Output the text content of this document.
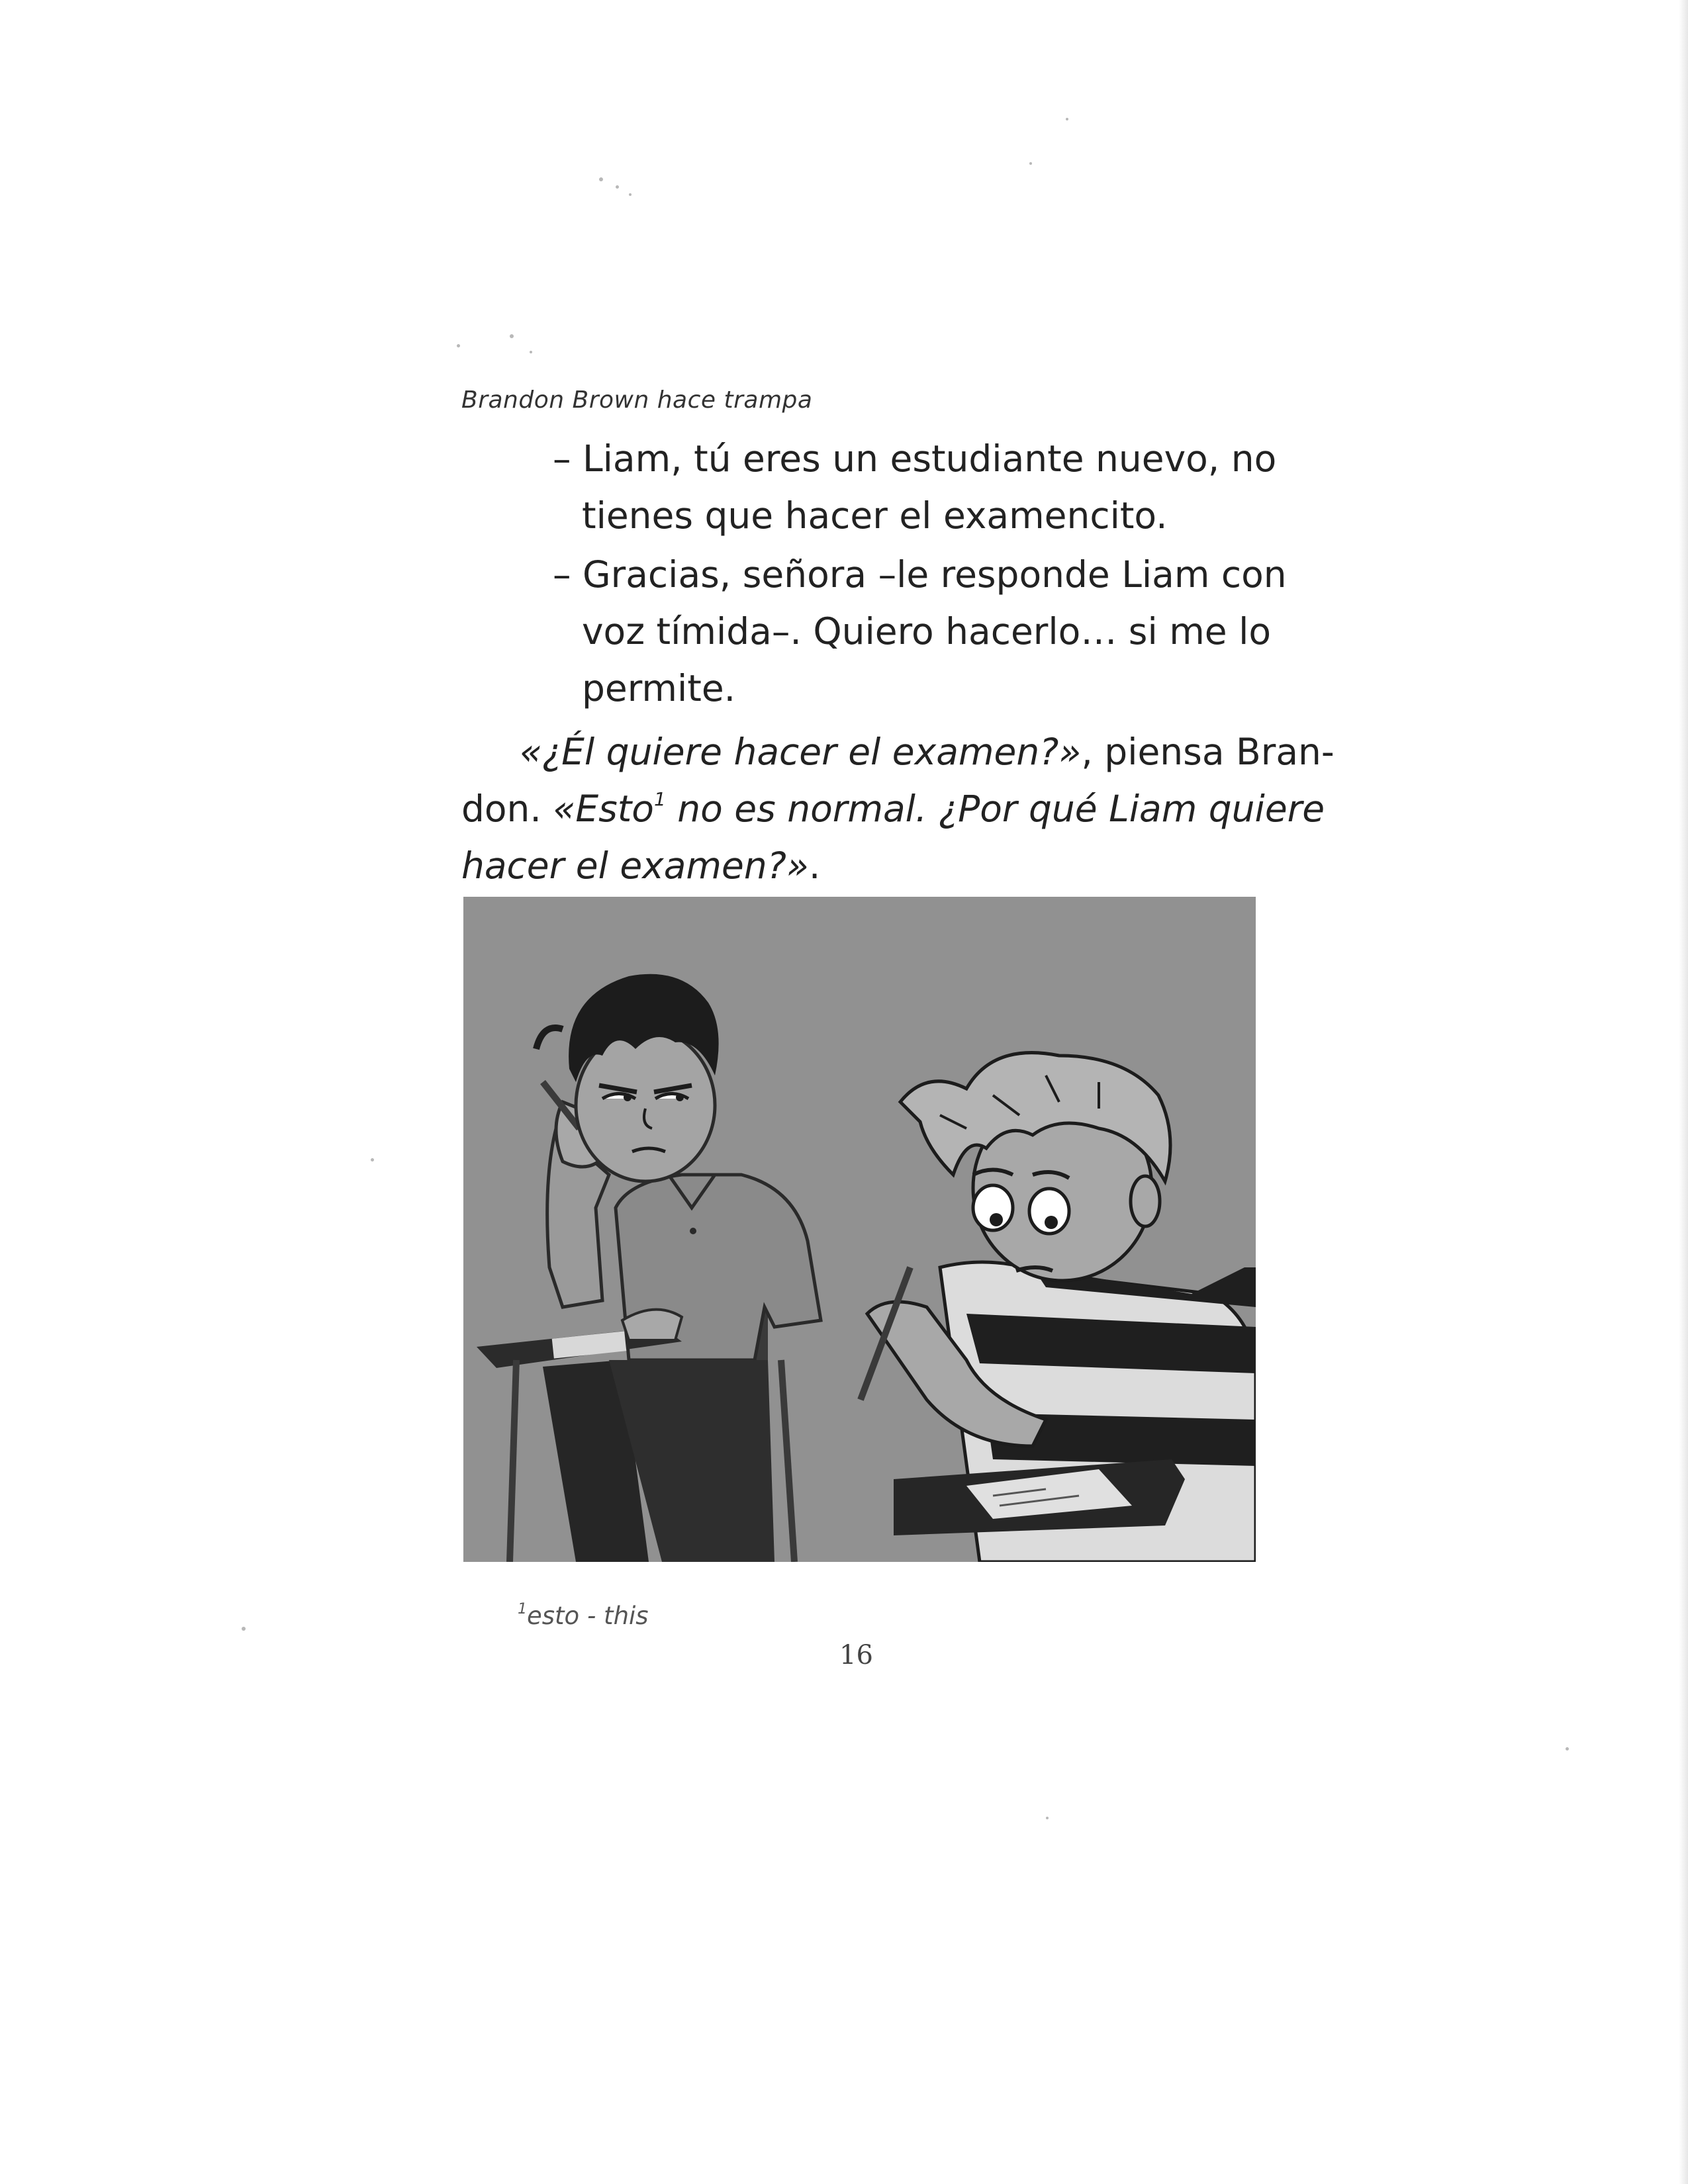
Brandon Brown hace trampa

– Liam, tú eres un estudiante nuevo, no
tienes que hacer el examencito.

– Gracias, señora –le responde Liam con
voz tímida–. Quiero hacerlo… si me lo
permite.

«¿Él quiere hacer el examen?», piensa Bran-
don. «Esto$^1$ no es normal. ¿Por qué Liam quiere
hacer el examen?».

$^1$esto - this
16
